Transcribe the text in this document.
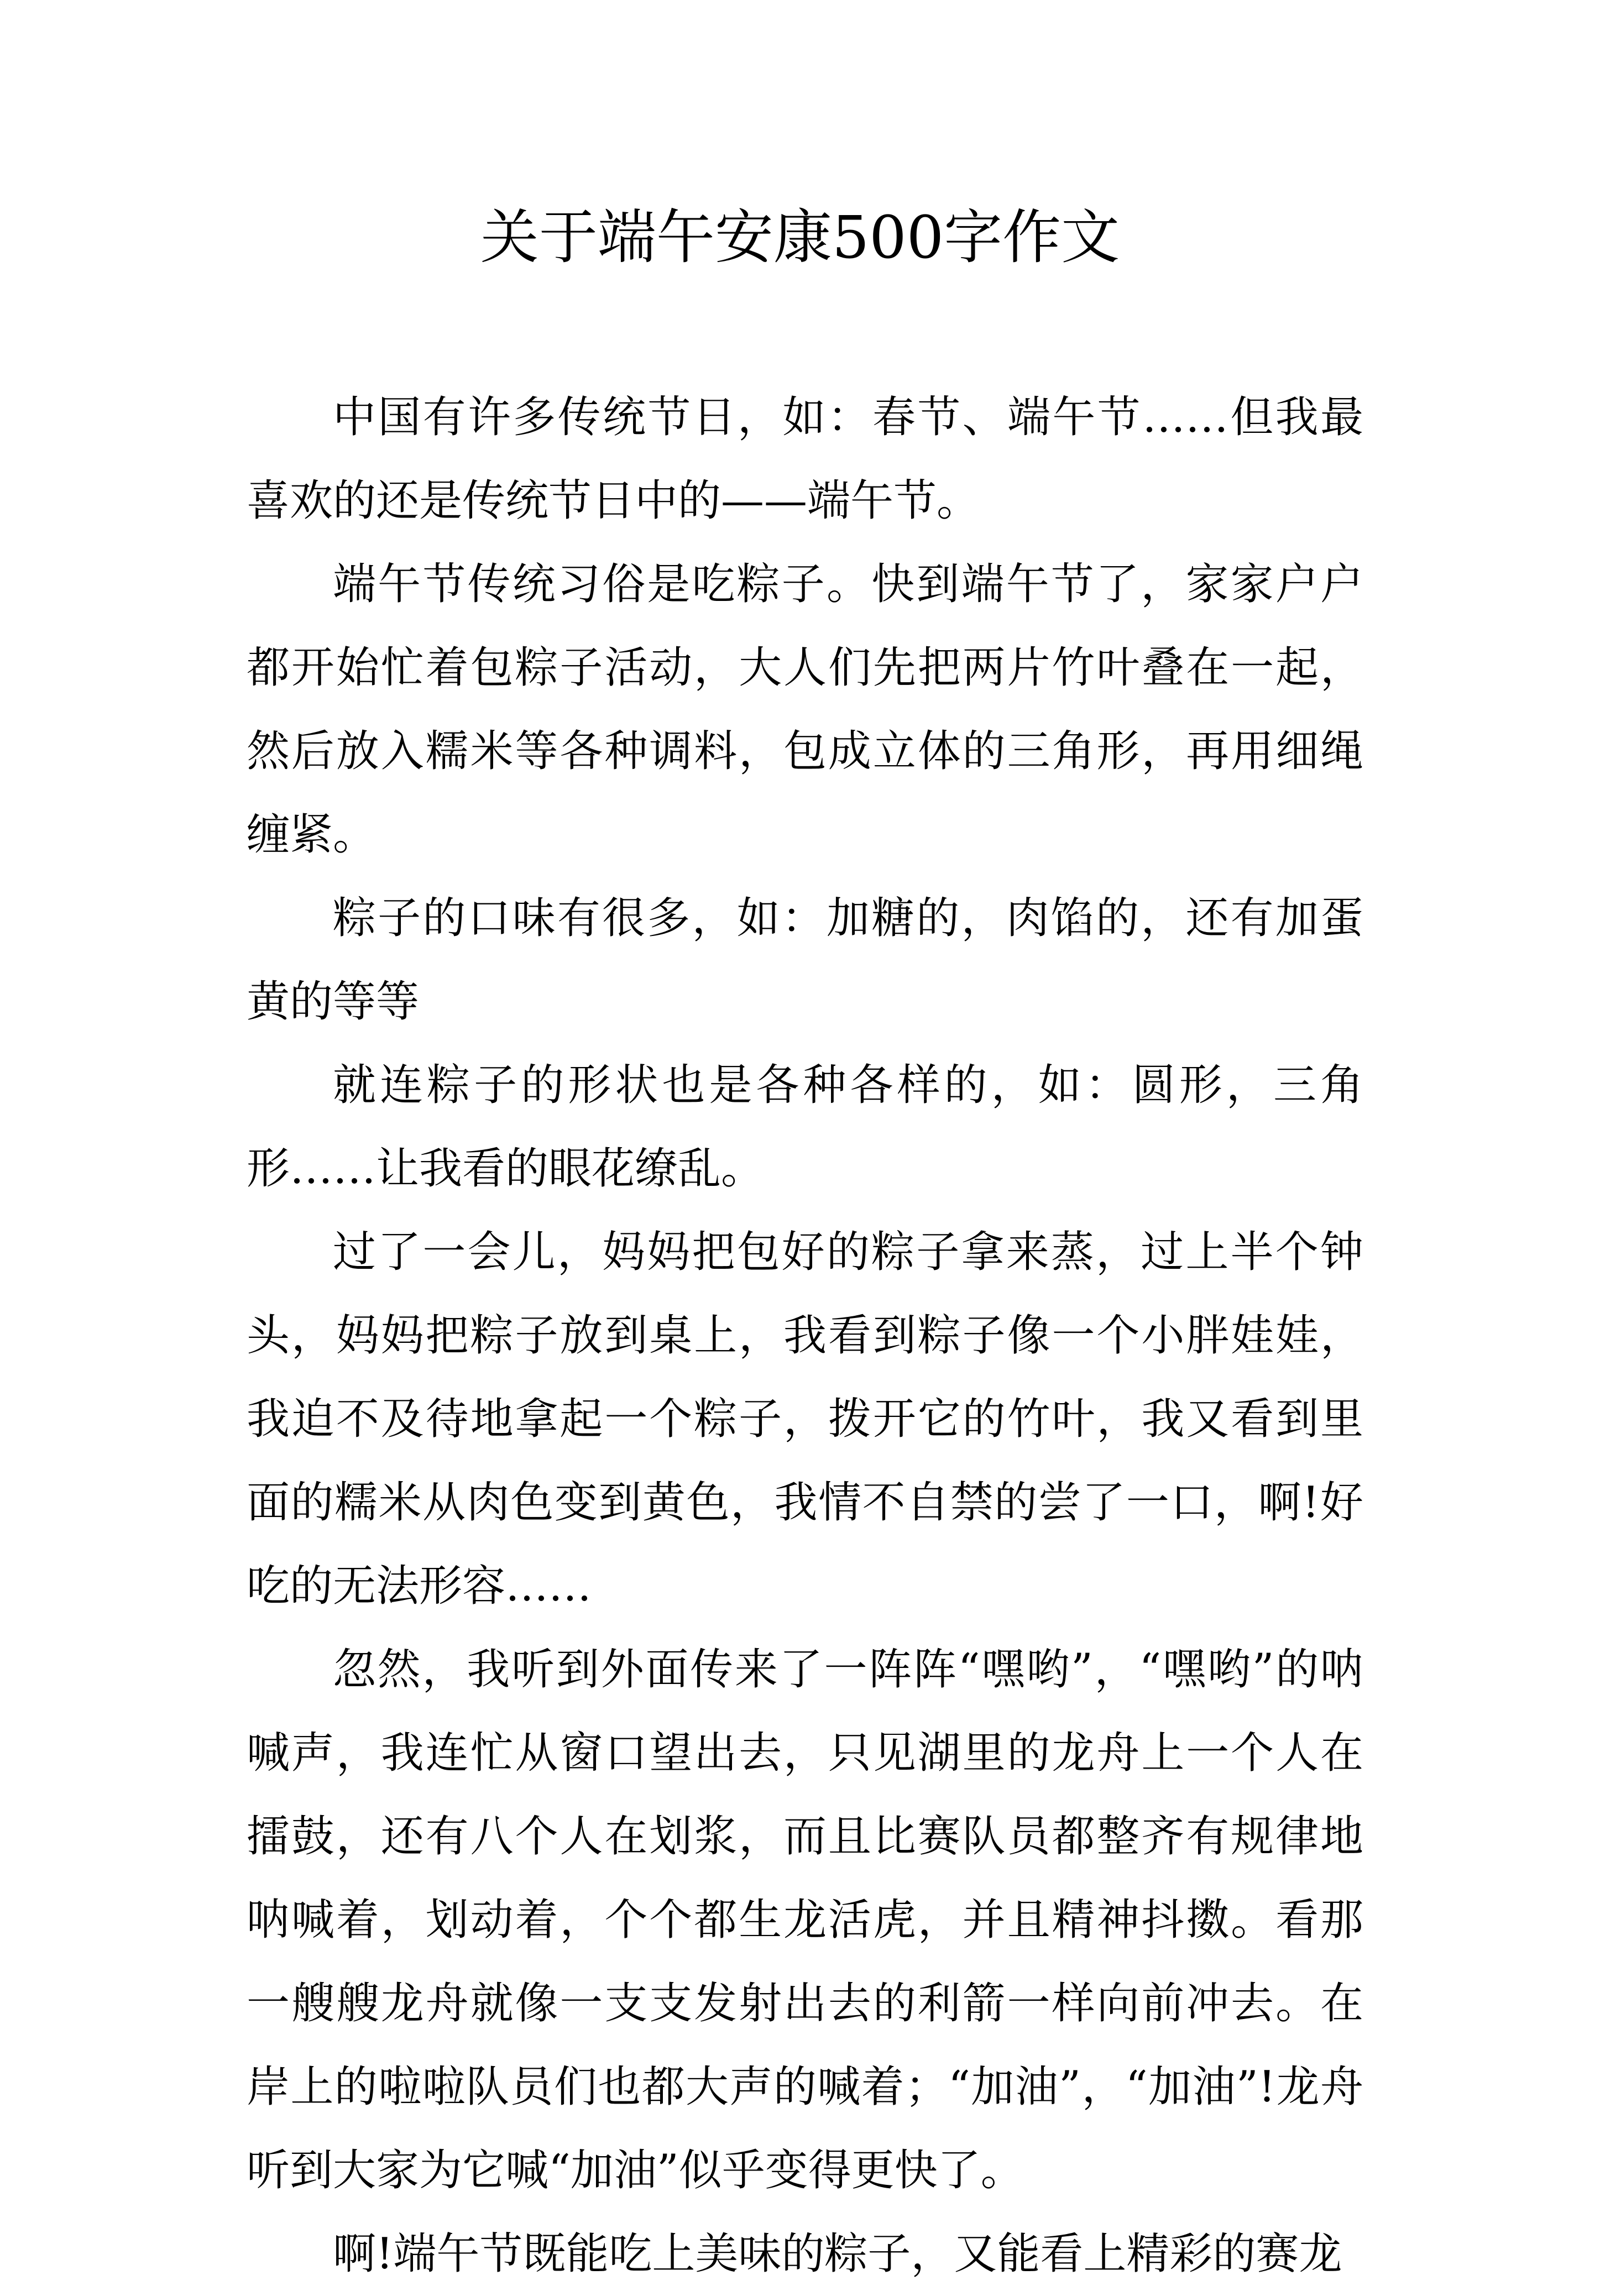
关于端午安康500字作文

中国有许多传统节日，如：春节、端午节……但我最喜欢的还是传统节日中的——端午节。

端午节传统习俗是吃粽子。快到端午节了，家家户户都开始忙着包粽子活动，大人们先把两片竹叶叠在一起，然后放入糯米等各种调料，包成立体的三角形，再用细绳缠紧。

粽子的口味有很多，如：加糖的，肉馅的，还有加蛋黄的等等

就连粽子的形状也是各种各样的，如：圆形，三角形……让我看的眼花缭乱。

过了一会儿，妈妈把包好的粽子拿来蒸，过上半个钟头，妈妈把粽子放到桌上，我看到粽子像一个小胖娃娃，我迫不及待地拿起一个粽子，拨开它的竹叶，我又看到里面的糯米从肉色变到黄色，我情不自禁的尝了一口，啊!好吃的无法形容……

忽然，我听到外面传来了一阵阵“嘿哟”，“嘿哟”的呐喊声，我连忙从窗口望出去，只见湖里的龙舟上一个人在擂鼓，还有八个人在划浆，而且比赛队员都整齐有规律地呐喊着，划动着，个个都生龙活虎，并且精神抖擞。看那一艘艘龙舟就像一支支发射出去的利箭一样向前冲去。在岸上的啦啦队员们也都大声的喊着；“加油”，“加油”!龙舟听到大家为它喊“加油”似乎变得更快了。

啊!端午节既能吃上美味的粽子，又能看上精彩的赛龙
